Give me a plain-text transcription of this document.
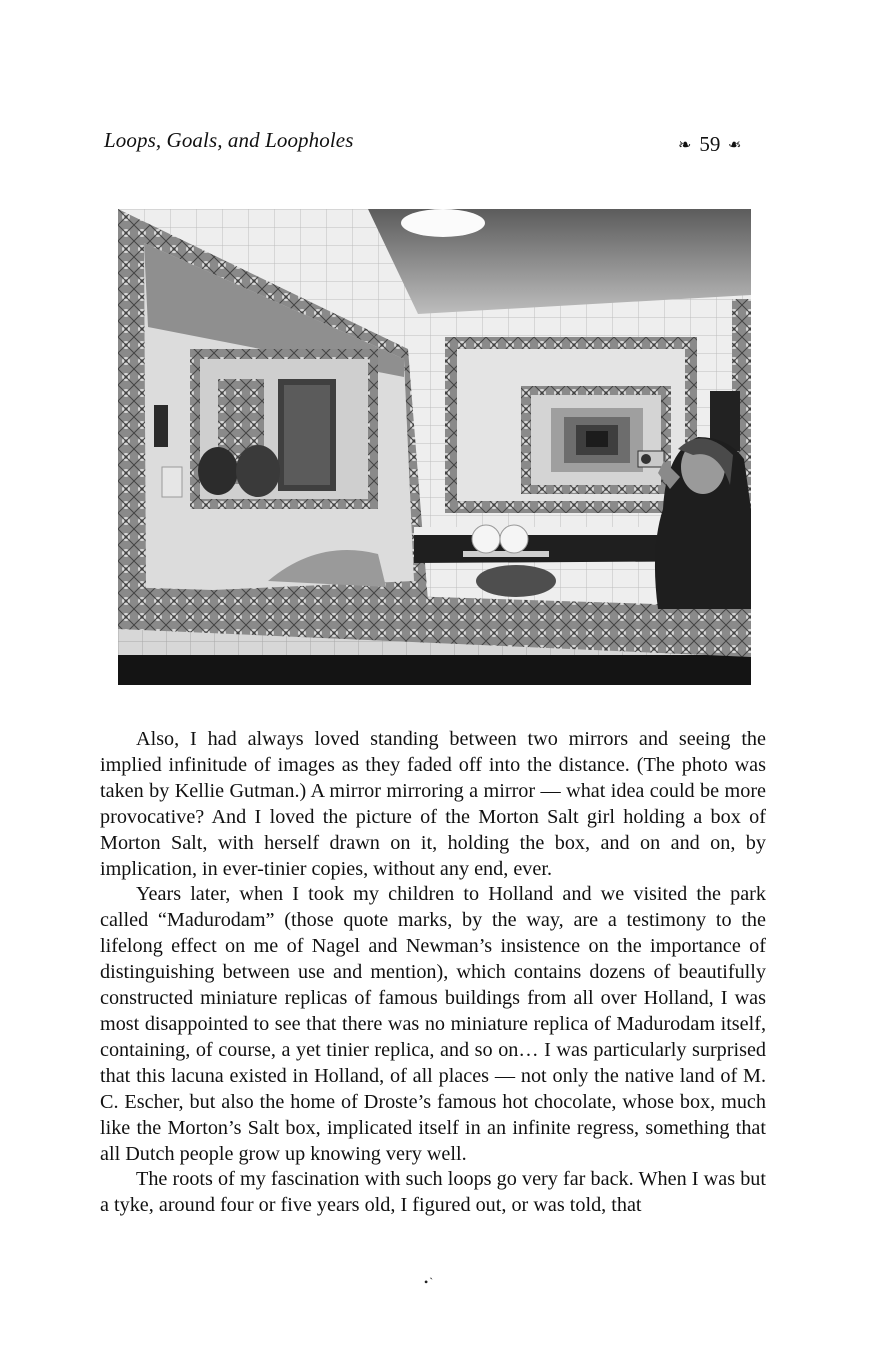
Loops, Goals, and Loopholes	❧ 59 ❧

Also, I had always loved standing between two mirrors and seeing the implied infinitude of images as they faded off into the distance. (The photo was taken by Kellie Gutman.) A mirror mirroring a mirror — what idea could be more provocative? And I loved the picture of the Morton Salt girl holding a box of Morton Salt, with herself drawn on it, holding the box, and on and on, by implication, in ever-tinier copies, without any end, ever.

Years later, when I took my children to Holland and we visited the park called “Madurodam” (those quote marks, by the way, are a testimony to the lifelong effect on me of Nagel and Newman’s insistence on the importance of distinguishing between use and mention), which contains dozens of beautifully constructed miniature replicas of famous buildings from all over Holland, I was most disappointed to see that there was no miniature replica of Madurodam itself, containing, of course, a yet tinier replica, and so on… I was particularly surprised that this lacuna existed in Holland, of all places — not only the native land of M. C. Escher, but also the home of Droste’s famous hot chocolate, whose box, much like the Morton’s Salt box, implicated itself in an infinite regress, something that all Dutch people grow up knowing very well.

The roots of my fascination with such loops go very far back. When I was but a tyke, around four or five years old, I figured out, or was told, that

•`
